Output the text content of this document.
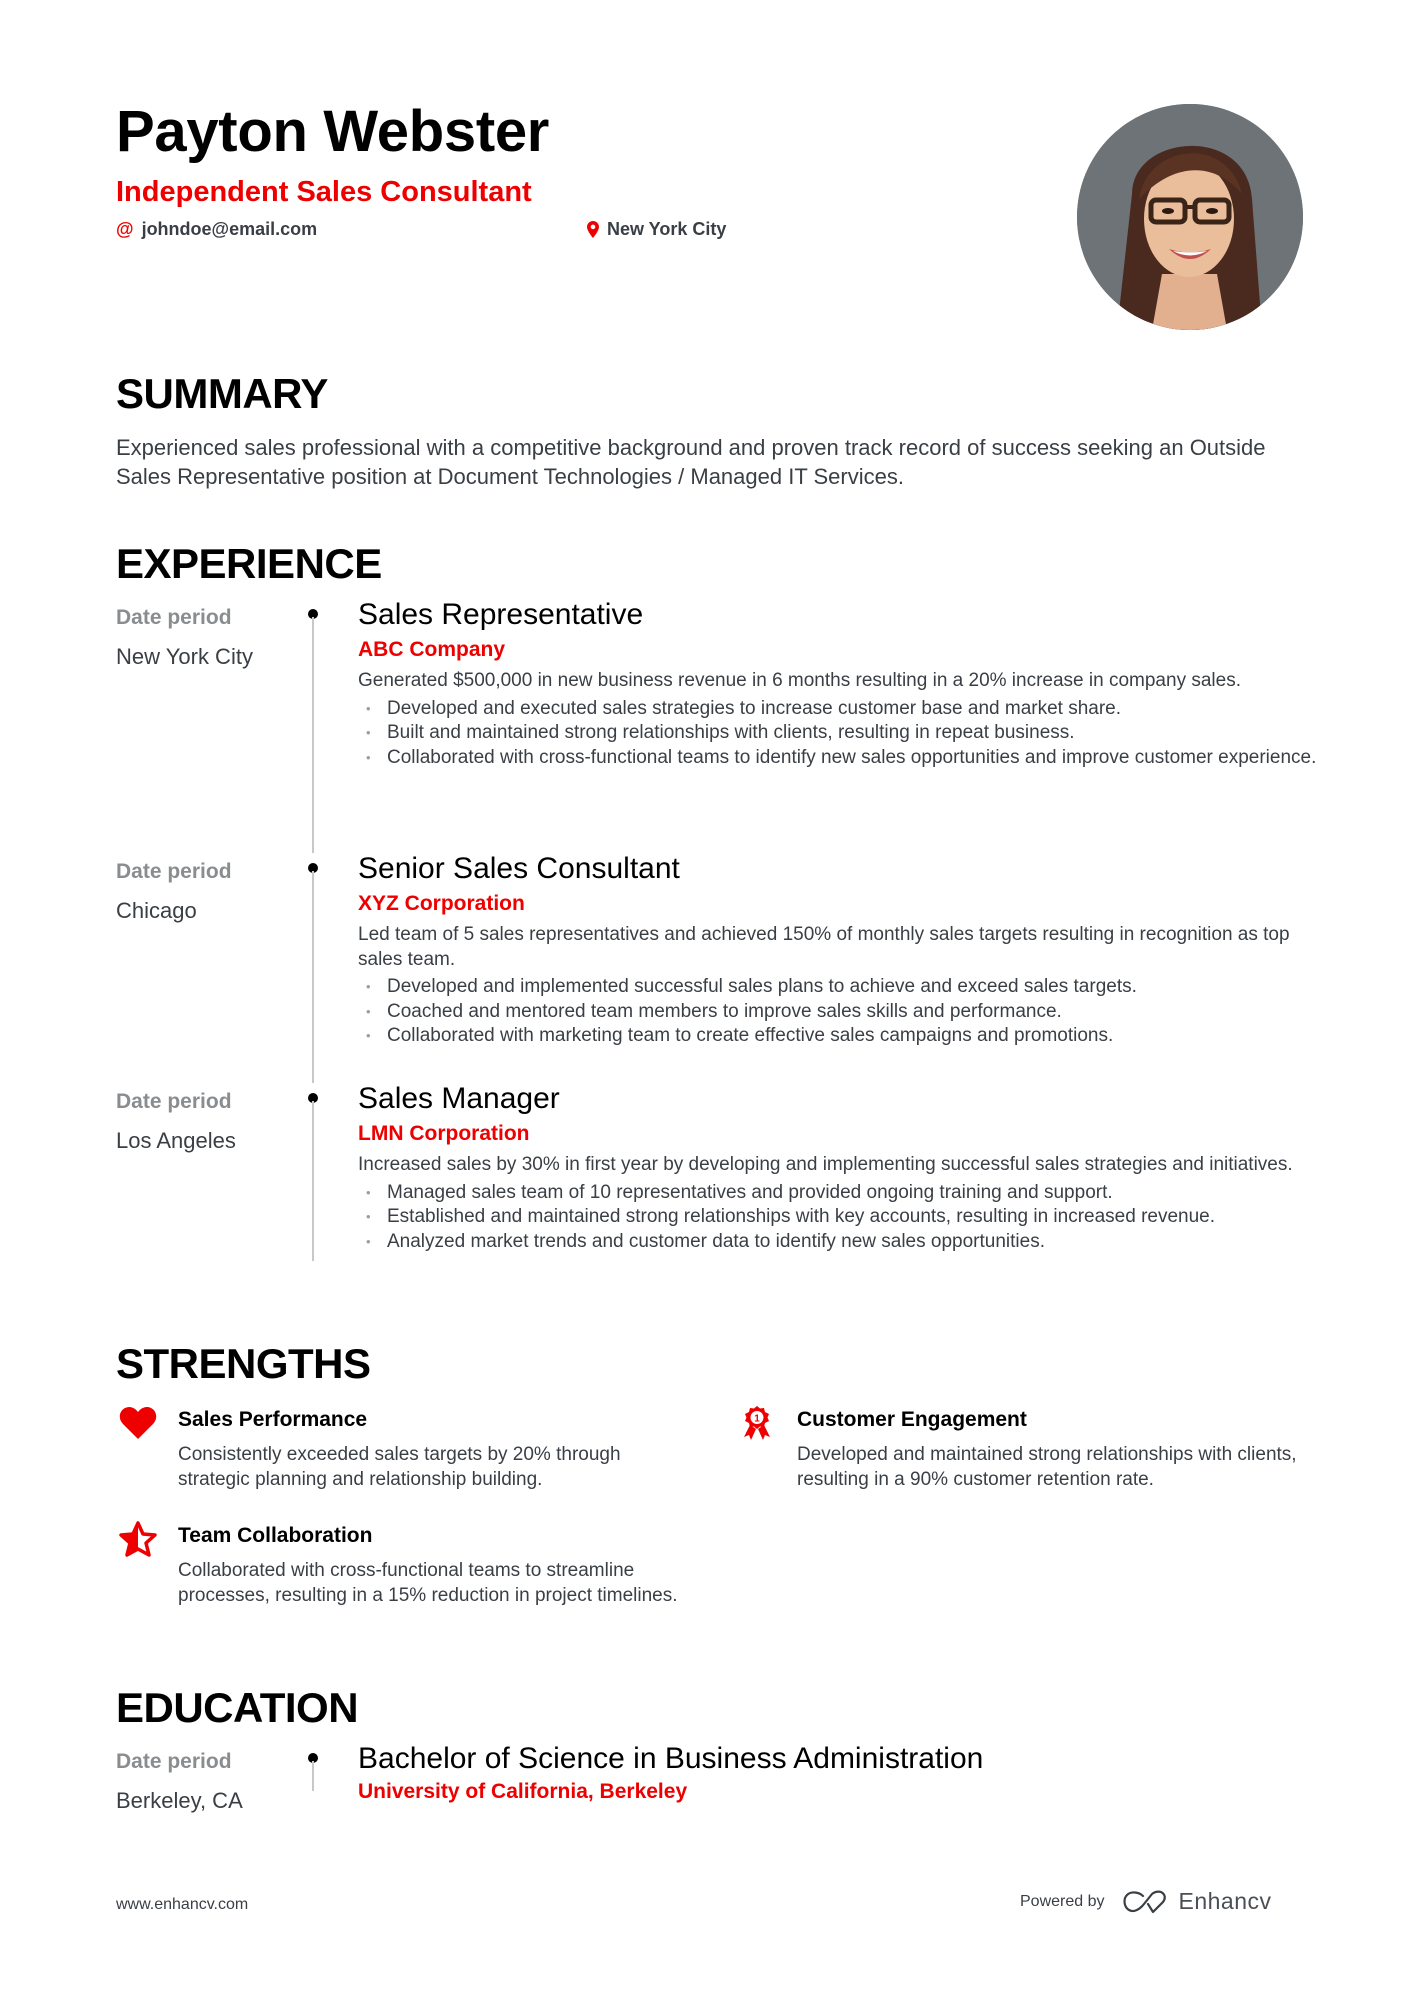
Payton Webster
Independent Sales Consultant
@ johndoe@email.com	New York City
SUMMARY
Experienced sales professional with a competitive background and proven track record of success seeking an Outside Sales Representative position at Document Technologies / Managed IT Services.
EXPERIENCE
Date period
New York City
Sales Representative
ABC Company
Generated $500,000 in new business revenue in 6 months resulting in a 20% increase in company sales.
• Developed and executed sales strategies to increase customer base and market share.
• Built and maintained strong relationships with clients, resulting in repeat business.
• Collaborated with cross-functional teams to identify new sales opportunities and improve customer experience.
Date period
Chicago
Senior Sales Consultant
XYZ Corporation
Led team of 5 sales representatives and achieved 150% of monthly sales targets resulting in recognition as top sales team.
• Developed and implemented successful sales plans to achieve and exceed sales targets.
• Coached and mentored team members to improve sales skills and performance.
• Collaborated with marketing team to create effective sales campaigns and promotions.
Date period
Los Angeles
Sales Manager
LMN Corporation
Increased sales by 30% in first year by developing and implementing successful sales strategies and initiatives.
• Managed sales team of 10 representatives and provided ongoing training and support.
• Established and maintained strong relationships with key accounts, resulting in increased revenue.
• Analyzed market trends and customer data to identify new sales opportunities.
STRENGTHS
Sales Performance
Consistently exceeded sales targets by 20% through strategic planning and relationship building.
1 Customer Engagement
Developed and maintained strong relationships with clients, resulting in a 90% customer retention rate.
Team Collaboration
Collaborated with cross-functional teams to streamline processes, resulting in a 15% reduction in project timelines.
EDUCATION
Date period
Berkeley, CA
Bachelor of Science in Business Administration
University of California, Berkeley
www.enhancv.com	Powered by	Enhancv
